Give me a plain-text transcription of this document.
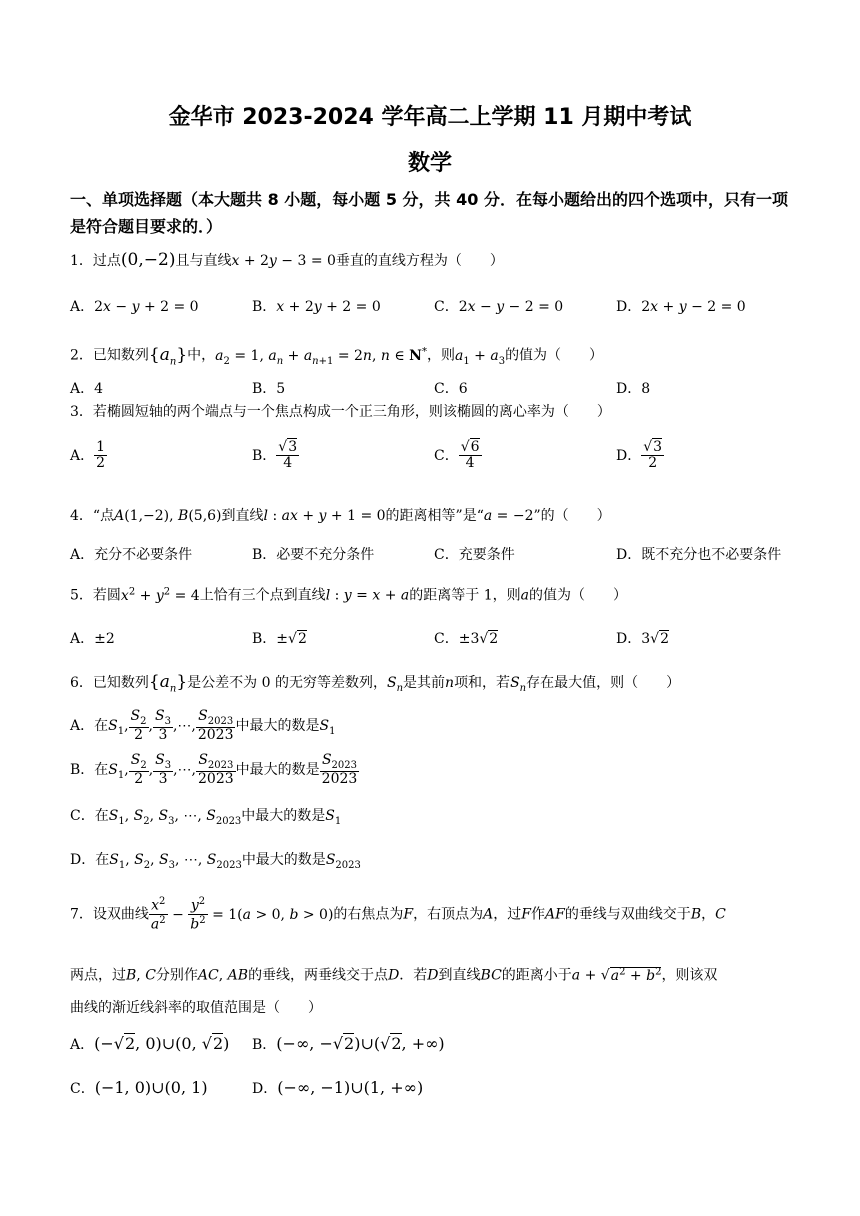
金华市 2023-2024 学年高二上学期 11 月期中考试
数学
一、单项选择题（本大题共 8 小题，每小题 5 分，共 40 分．在每小题给出的四个选项中，只有一项是符合题目要求的．）
1．过点(0,−2)且与直线x + 2y − 3 = 0垂直的直线方程为（　　）
A．2x − y + 2 = 0	B．x + 2y + 2 = 0	C．2x − y − 2 = 0	D．2x + y − 2 = 0
2．已知数列$\{a_n\}$中，$a_2 = 1$, $a_n + a_{n+1} = 2n$, n ∈ N*，则$a_1 + a_3$的值为（　　）
A．4	B．5	C．6	D．8
3．若椭圆短轴的两个端点与一个焦点构成一个正三角形，则该椭圆的离心率为（　　）
A． $\frac{1}{2}$	B． $\frac{√3}{4}$	C． $\frac{√6}{4}$	D． $\frac{√3}{2}$
4．“点A(1,−2), B(5,6)到直线l : ax + y + 1 = 0的距离相等”是“a = −2”的（　　）
A．充分不必要条件	B．必要不充分条件	C．充要条件	D．既不充分也不必要条件
5．若圆$x^2 + y^2 = 4$上恰有三个点到直线l : y = x + a的距离等于 1，则a的值为（　　）
A．±2	B．±√2	C．±3√2	D．3√2
6．已知数列$\{a_n\}$是公差不为 0 的无穷等差数列，$S_n$是其前n项和，若$S_n$存在最大值，则（　　）
A．在$S_1$, $\frac{S_2}{2}$ , $\frac{S_3}{3}$ ,⋯, $\frac{S_{2023}}{2023}$ 中最大的数是$S_1$
B．在$S_1$, $\frac{S_2}{2}$ , $\frac{S_3}{3}$ ,⋯, $\frac{S_{2023}}{2023}$ 中最大的数是 $\frac{S_{2023}}{2023}$
C．在$S_1$, $S_2$, $S_3$, ⋯, $S_{2023}$中最大的数是$S_1$
D．在$S_1$, $S_2$, $S_3$, ⋯, $S_{2023}$中最大的数是$S_{2023}$
7．设双曲线 $\frac{x^2}{a^2} - \frac{y^2}{b^2} = 1(a > 0$, b > 0)的右焦点为F，右顶点为A，过F作AF的垂线与双曲线交于B，C
两点，过B, C分别作AC, AB的垂线，两垂线交于点D．若D到直线BC的距离小于$a + √a^2 + b^2$，则该双
曲线的渐近线斜率的取值范围是（　　）
A．(−√2, 0)∪(0, √2) B．(−∞, −√2)∪(√2, +∞)
C．(−1, 0)∪(0, 1)	D．(−∞, −1)∪(1, +∞)
